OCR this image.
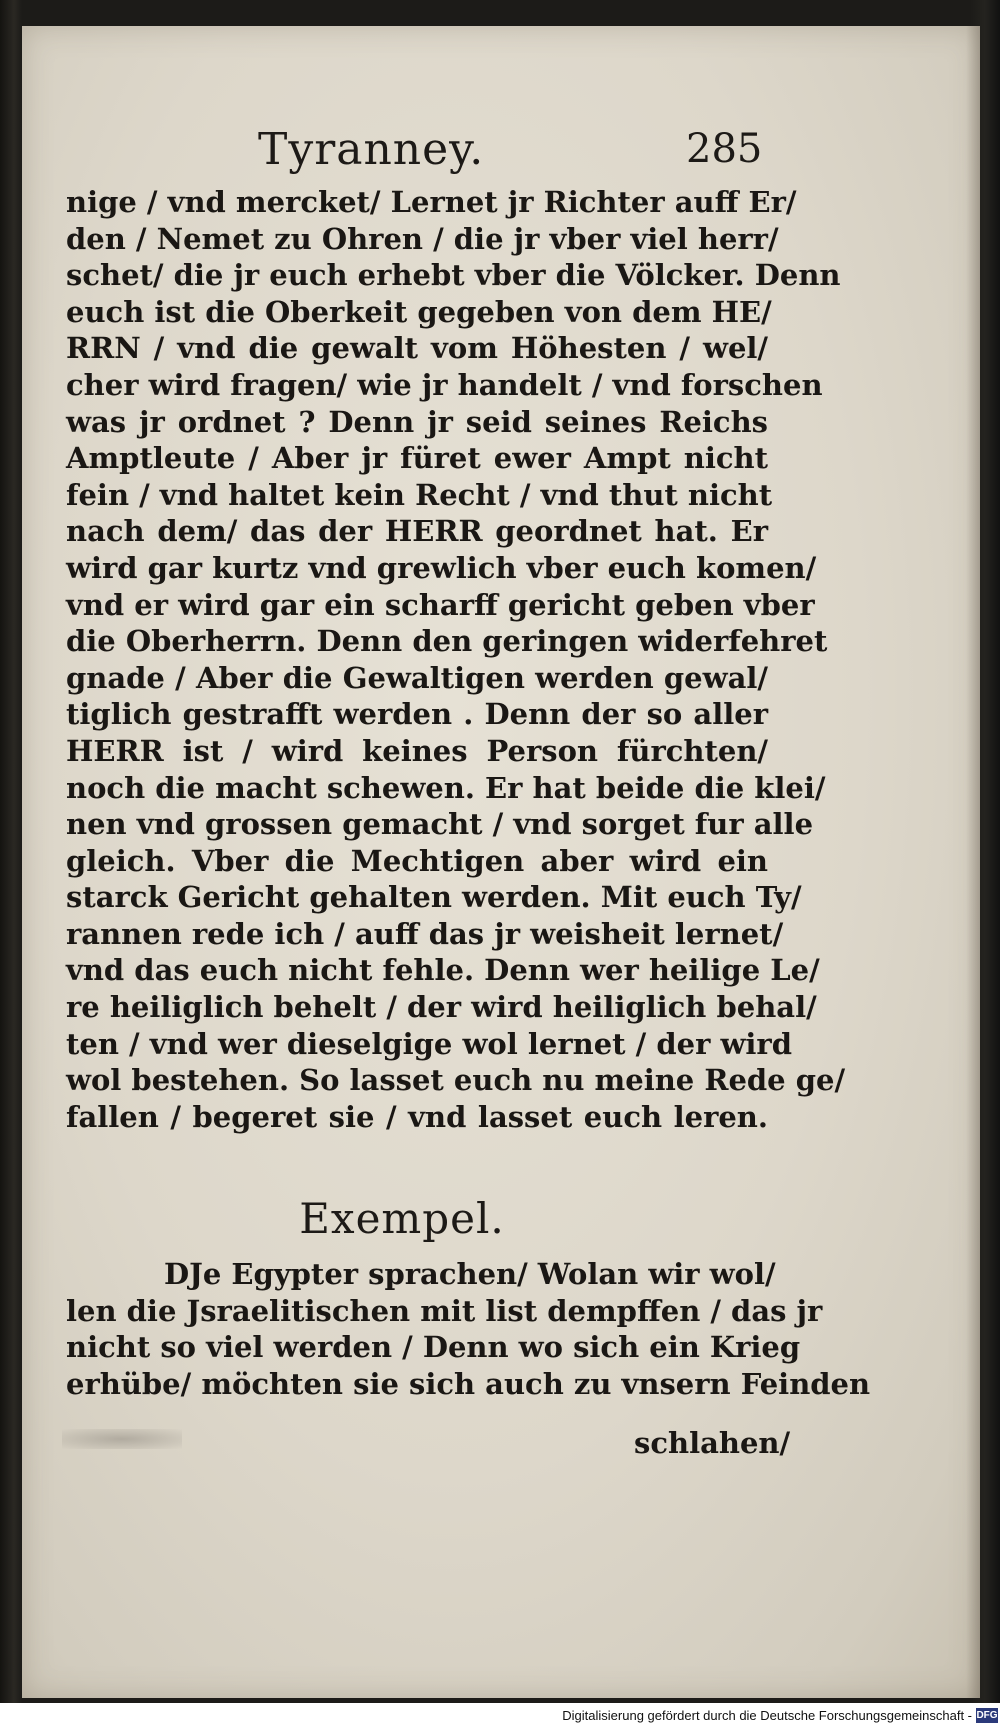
Tyranney.	285
nige / vnd mercket/ Lernet jr Richter auff Er/
den / Nemet zu Ohren / die jr vber viel herr/
schet/ die jr euch erhebt vber die Völcker. Denn
euch ist die Oberkeit gegeben von dem HE/
RRN / vnd die gewalt vom Höhesten / wel/
cher wird fragen/ wie jr handelt / vnd forschen
was jr ordnet ? Denn jr seid seines Reichs
Amptleute / Aber jr füret ewer Ampt nicht
fein / vnd haltet kein Recht / vnd thut nicht
nach dem/ das der HERR geordnet hat. Er
wird gar kurtz vnd grewlich vber euch komen/
vnd er wird gar ein scharff gericht geben vber
die Oberherrn. Denn den geringen widerfehret
gnade / Aber die Gewaltigen werden gewal/
tiglich gestrafft werden . Denn der so aller
HERR ist / wird keines Person fürchten/
noch die macht schewen. Er hat beide die klei/
nen vnd grossen gemacht / vnd sorget fur alle
gleich. Vber die Mechtigen aber wird ein
starck Gericht gehalten werden. Mit euch Ty/
rannen rede ich / auff das jr weisheit lernet/
vnd das euch nicht fehle. Denn wer heilige Le/
re heiliglich behelt / der wird heiliglich behal/
ten / vnd wer dieselgige wol lernet / der wird
wol bestehen. So lasset euch nu meine Rede ge/
fallen / begeret sie / vnd lasset euch leren.
Exempel.
DJe Egypter sprachen/ Wolan wir wol/
len die Jsraelitischen mit list dempffen / das jr
nicht so viel werden / Denn wo sich ein Krieg
erhübe/ möchten sie sich auch zu vnsern Feinden
schlahen/
Digitalisierung gefördert durch die Deutsche Forschungsgemeinschaft - DFG
